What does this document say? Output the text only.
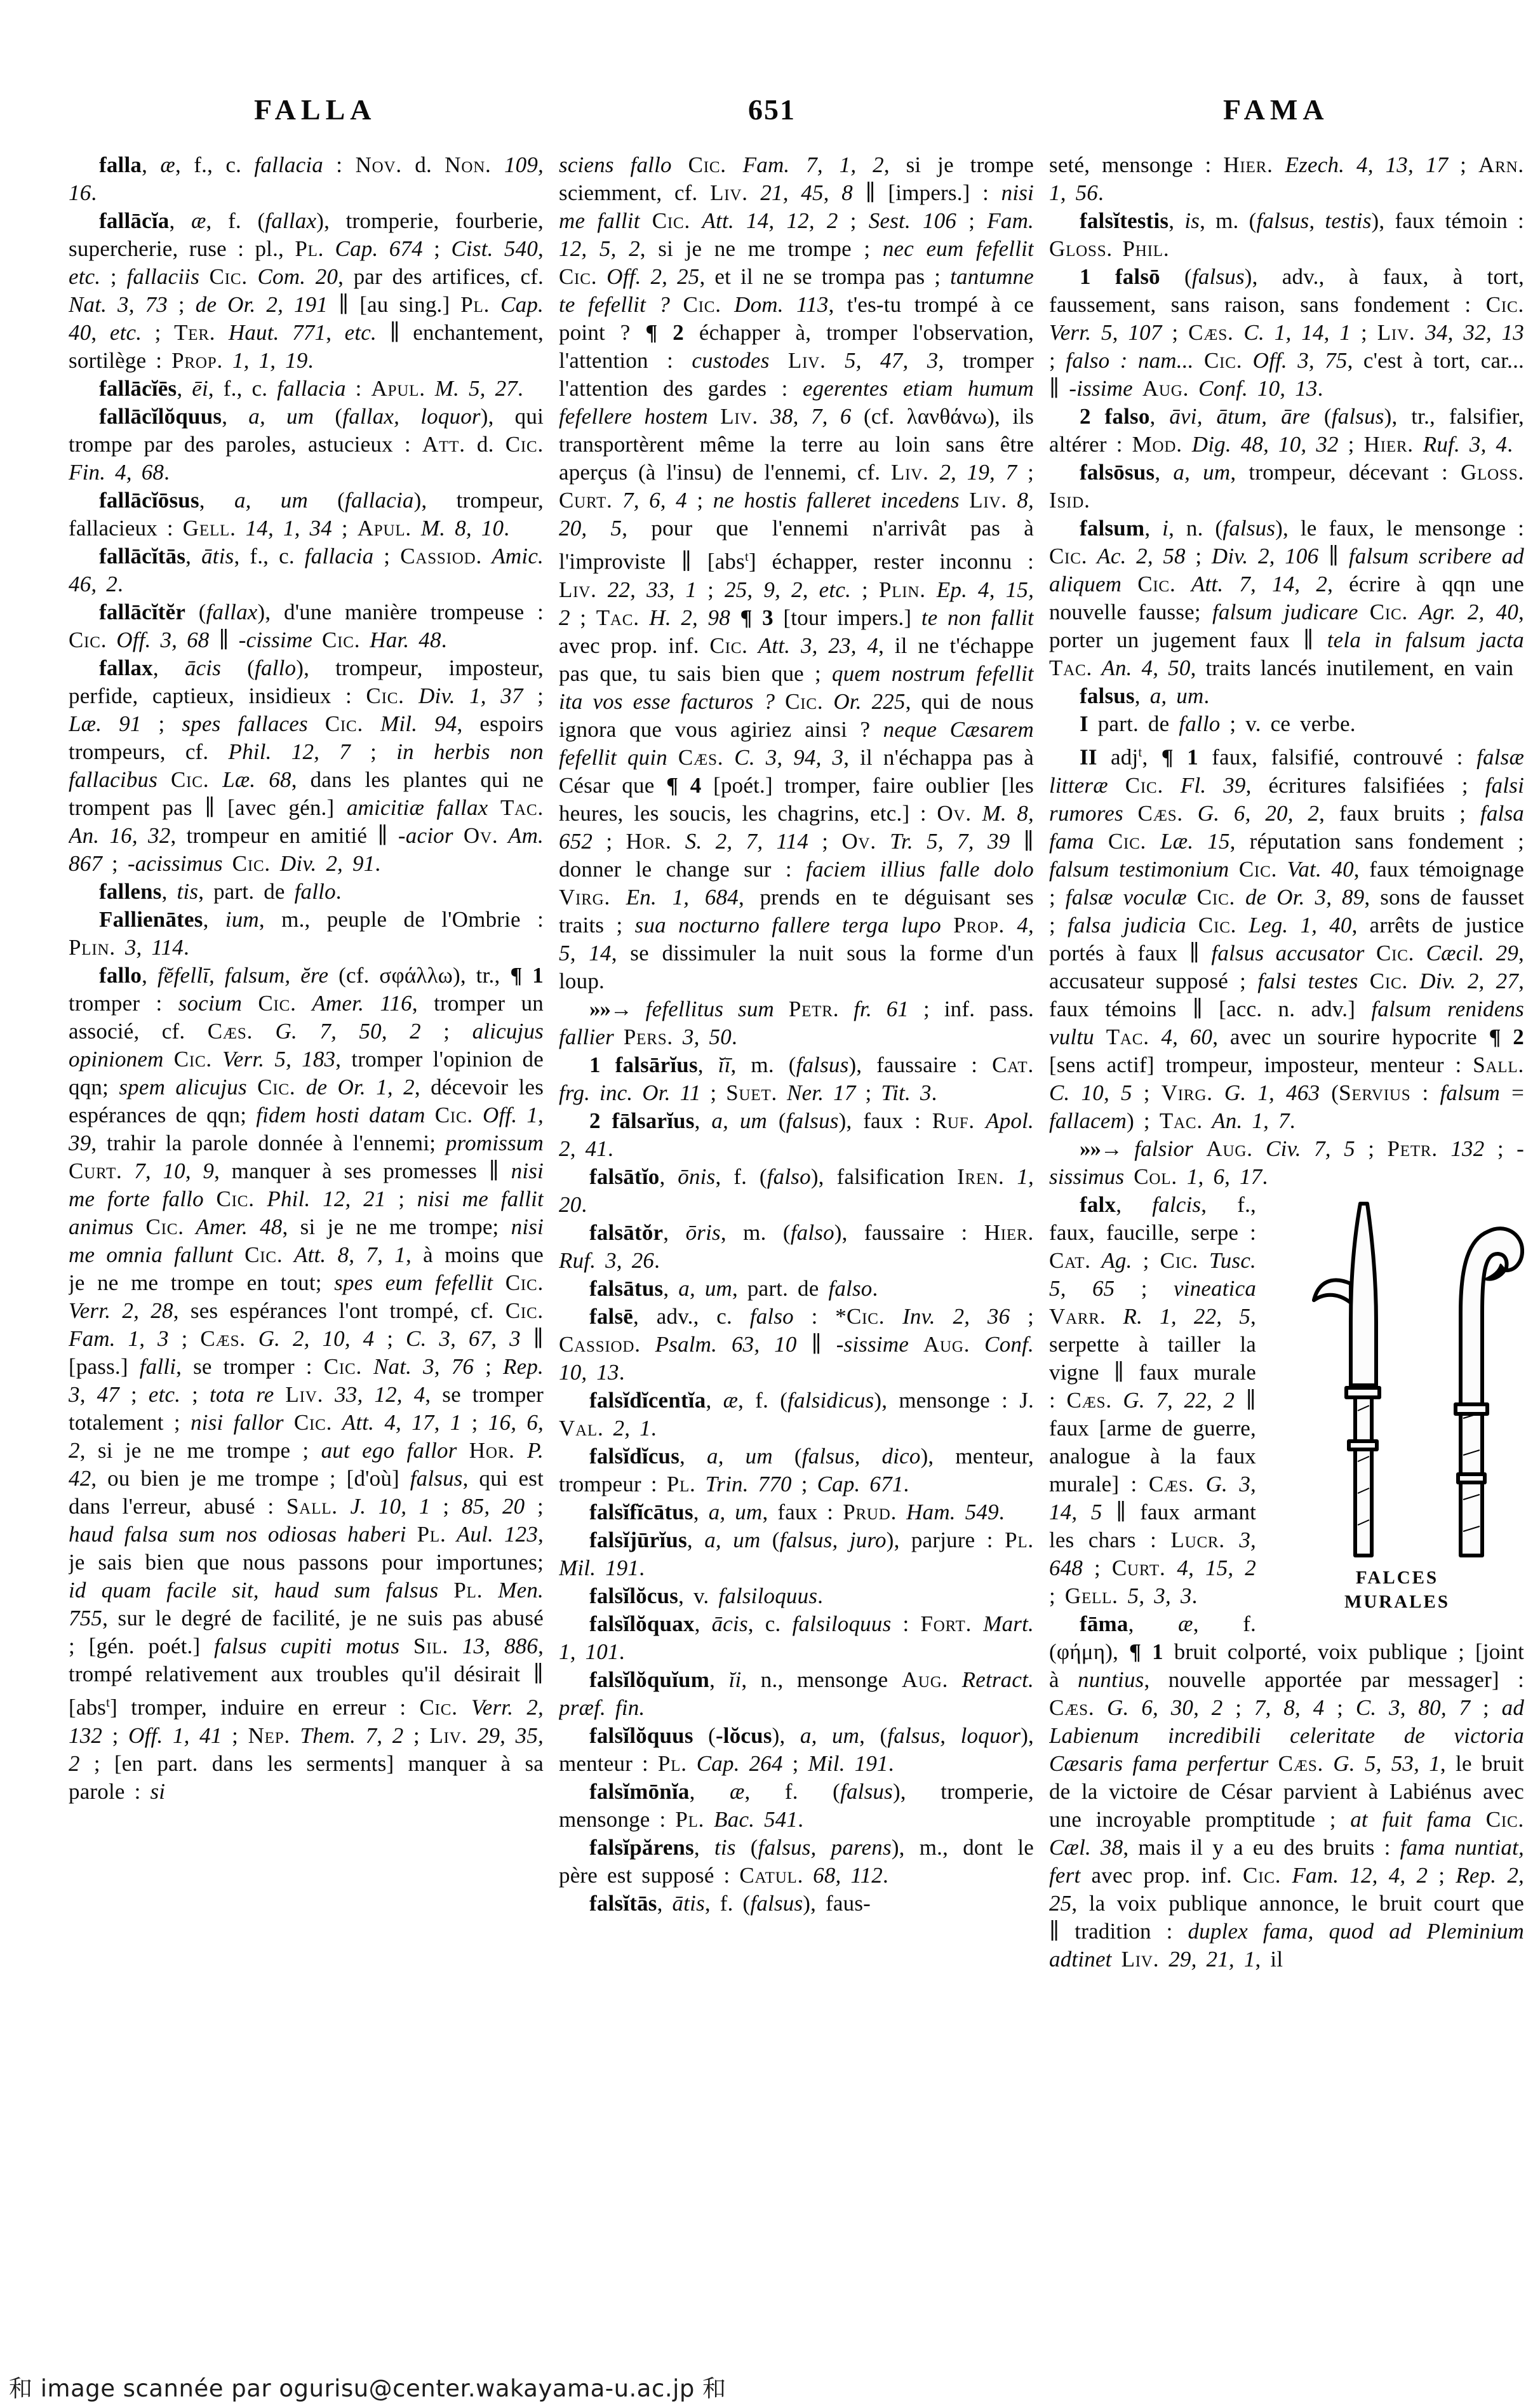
FALLA	651	FAMA

falla, æ, f., c. fallacia : Nov. d. Non. 109, 16.

fallācĭa, æ, f. (fallax), tromperie, fourberie, supercherie, ruse : pl., Pl. Cap. 674 ; Cist. 540, etc. ; fallaciis Cic. Com. 20, par des artifices, cf. Nat. 3, 73 ; de Or. 2, 191 ∥ [au sing.] Pl. Cap. 40, etc. ; Ter. Haut. 771, etc. ∥ enchantement, sortilège : Prop. 1, 1, 19.

fallācĭēs, ēi, f., c. fallacia : Apul. M. 5, 27.

fallācĭlŏquus, a, um (fallax, loquor), qui trompe par des paroles, astucieux : Att. d. Cic. Fin. 4, 68.

fallācĭōsus, a, um (fallacia), trompeur, fallacieux : Gell. 14, 1, 34 ; Apul. M. 8, 10.

fallācĭtās, ātis, f., c. fallacia ; Cassiod. Amic. 46, 2.

fallācĭtĕr (fallax), d'une manière trompeuse : Cic. Off. 3, 68 ∥ -cissime Cic. Har. 48.

fallax, ācis (fallo), trompeur, imposteur, perfide, captieux, insidieux : Cic. Div. 1, 37 ; Læ. 91 ; spes fallaces Cic. Mil. 94, espoirs trompeurs, cf. Phil. 12, 7 ; in herbis non fallacibus Cic. Læ. 68, dans les plantes qui ne trompent pas ∥ [avec gén.] amicitiæ fallax Tac. An. 16, 32, trompeur en amitié ∥ -acior Ov. Am. 867 ; -acissimus Cic. Div. 2, 91.

fallens, tis, part. de fallo.

Fallienātes, ium, m., peuple de l'Ombrie : Plin. 3, 114.

fallo, fĕfellī, falsum, ĕre (cf. σφάλλω), tr., ¶ 1 tromper : socium Cic. Amer. 116, tromper un associé, cf. Cæs. G. 7, 50, 2 ; alicujus opinionem Cic. Verr. 5, 183, tromper l'opinion de qqn; spem alicujus Cic. de Or. 1, 2, décevoir les espérances de qqn; fidem hosti datam Cic. Off. 1, 39, trahir la parole donnée à l'ennemi; promissum Curt. 7, 10, 9, manquer à ses promesses ∥ nisi me forte fallo Cic. Phil. 12, 21 ; nisi me fallit animus Cic. Amer. 48, si je ne me trompe; nisi me omnia fallunt Cic. Att. 8, 7, 1, à moins que je ne me trompe en tout; spes eum fefellit Cic. Verr. 2, 28, ses espérances l'ont trompé, cf. Cic. Fam. 1, 3 ; Cæs. G. 2, 10, 4 ; C. 3, 67, 3 ∥ [pass.] falli, se tromper : Cic. Nat. 3, 76 ; Rep. 3, 47 ; etc. ; tota re Liv. 33, 12, 4, se tromper totalement ; nisi fallor Cic. Att. 4, 17, 1 ; 16, 6, 2, si je ne me trompe ; aut ego fallor Hor. P. 42, ou bien je me trompe ; [d'où] falsus, qui est dans l'erreur, abusé : Sall. J. 10, 1 ; 85, 20 ; haud falsa sum nos odiosas haberi Pl. Aul. 123, je sais bien que nous passons pour importunes; id quam facile sit, haud sum falsus Pl. Men. 755, sur le degré de facilité, je ne suis pas abusé ; [gén. poét.] falsus cupiti motus Sil. 13, 886, trompé relativement aux troubles qu'il désirait ∥ [abs$^t$] tromper, induire en erreur : Cic. Verr. 2, 132 ; Off. 1, 41 ; Nep. Them. 7, 2 ; Liv. 29, 35, 2 ; [en part. dans les serments] manquer à sa parole : si

sciens fallo Cic. Fam. 7, 1, 2, si je trompe sciemment, cf. Liv. 21, 45, 8 ∥ [impers.] : nisi me fallit Cic. Att. 14, 12, 2 ; Sest. 106 ; Fam. 12, 5, 2, si je ne me trompe ; nec eum fefellit Cic. Off. 2, 25, et il ne se trompa pas ; tantumne te fefellit ? Cic. Dom. 113, t'es-tu trompé à ce point ? ¶ 2 échapper à, tromper l'observation, l'attention : custodes Liv. 5, 47, 3, tromper l'attention des gardes : egerentes etiam humum fefellere hostem Liv. 38, 7, 6 (cf. λανθάνω), ils transportèrent même la terre au loin sans être aperçus (à l'insu) de l'ennemi, cf. Liv. 2, 19, 7 ; Curt. 7, 6, 4 ; ne hostis falleret incedens Liv. 8, 20, 5, pour que l'ennemi n'arrivât pas à l'improviste ∥ [abs$^t$] échapper, rester inconnu : Liv. 22, 33, 1 ; 25, 9, 2, etc. ; Plin. Ep. 4, 15, 2 ; Tac. H. 2, 98 ¶ 3 [tour impers.] te non fallit avec prop. inf. Cic. Att. 3, 23, 4, il ne t'échappe pas que, tu sais bien que ; quem nostrum fefellit ita vos esse facturos ? Cic. Or. 225, qui de nous ignora que vous agiriez ainsi ? neque Cæsarem fefellit quin Cæs. C. 3, 94, 3, il n'échappa pas à César que ¶ 4 [poét.] tromper, faire oublier [les heures, les soucis, les chagrins, etc.] : Ov. M. 8, 652 ; Hor. S. 2, 7, 114 ; Ov. Tr. 5, 7, 39 ∥ donner le change sur : faciem illius falle dolo Virg. En. 1, 684, prends en te déguisant ses traits ; sua nocturno fallere terga lupo Prop. 4, 5, 14, se dissimuler la nuit sous la forme d'un loup.

»»→ fefellitus sum Petr. fr. 61 ; inf. pass. fallier Pers. 3, 50.

1 falsārĭus, ĭī, m. (falsus), faussaire : Cat. frg. inc. Or. 11 ; Suet. Ner. 17 ; Tit. 3.

2 fālsarĭus, a, um (falsus), faux : Ruf. Apol. 2, 41.

falsātĭo, ōnis, f. (falso), falsification Iren. 1, 20.

falsātŏr, ōris, m. (falso), faussaire : Hier. Ruf. 3, 26.

falsātus, a, um, part. de falso.

falsē, adv., c. falso : *Cic. Inv. 2, 36 ; Cassiod. Psalm. 63, 10 ∥ -sissime Aug. Conf. 10, 13.

falsĭdĭcentĭa, æ, f. (falsidicus), mensonge : J. Val. 2, 1.

falsĭdĭcus, a, um (falsus, dico), menteur, trompeur : Pl. Trin. 770 ; Cap. 671.

falsĭfĭcātus, a, um, faux : Prud. Ham. 549.

falsĭjūrĭus, a, um (falsus, juro), parjure : Pl. Mil. 191.

falsĭlŏcus, v. falsiloquus.

falsĭlŏquax, ācis, c. falsiloquus : Fort. Mart. 1, 101.

falsĭlŏquĭum, ĭi, n., mensonge Aug. Retract. præf. fin.

falsĭlŏquus (-lŏcus), a, um, (falsus, loquor), menteur : Pl. Cap. 264 ; Mil. 191.

falsĭmōnĭa, æ, f. (falsus), tromperie, mensonge : Pl. Bac. 541.

falsĭpărens, tis (falsus, parens), m., dont le père est supposé : Catul. 68, 112.

falsĭtās, ātis, f. (falsus), faus-

seté, mensonge : Hier. Ezech. 4, 13, 17 ; Arn. 1, 56.

falsĭtestis, is, m. (falsus, testis), faux témoin : Gloss. Phil.

1 falsō (falsus), adv., à faux, à tort, faussement, sans raison, sans fondement : Cic. Verr. 5, 107 ; Cæs. C. 1, 14, 1 ; Liv. 34, 32, 13 ; falso : nam... Cic. Off. 3, 75, c'est à tort, car... ∥ -issime Aug. Conf. 10, 13.

2 falso, āvi, ātum, āre (falsus), tr., falsifier, altérer : Mod. Dig. 48, 10, 32 ; Hier. Ruf. 3, 4.

falsōsus, a, um, trompeur, décevant : Gloss. Isid.

falsum, i, n. (falsus), le faux, le mensonge : Cic. Ac. 2, 58 ; Div. 2, 106 ∥ falsum scribere ad aliquem Cic. Att. 7, 14, 2, écrire à qqn une nouvelle fausse; falsum judicare Cic. Agr. 2, 40, porter un jugement faux ∥ tela in falsum jacta Tac. An. 4, 50, traits lancés inutilement, en vain

falsus, a, um.

I part. de fallo ; v. ce verbe.

II adj$^t$, ¶ 1 faux, falsifié, controuvé : falsæ litteræ Cic. Fl. 39, écritures falsifiées ; falsi rumores Cæs. G. 6, 20, 2, faux bruits ; falsa fama Cic. Læ. 15, réputation sans fondement ; falsum testimonium Cic. Vat. 40, faux témoignage ; falsæ voculæ Cic. de Or. 3, 89, sons de fausset ; falsa judicia Cic. Leg. 1, 40, arrêts de justice portés à faux ∥ falsus accusator Cic. Cæcil. 29, accusateur supposé ; falsi testes Cic. Div. 2, 27, faux témoins ∥ [acc. n. adv.] falsum renidens vultu Tac. 4, 60, avec un sourire hypocrite ¶ 2 [sens actif] trompeur, imposteur, menteur : Sall. C. 10, 5 ; Virg. G. 1, 463 (Servius : falsum = fallacem) ; Tac. An. 1, 7.

»»→ falsior Aug. Civ. 7, 5 ; Petr. 132 ; -sissimus Col. 1, 6, 17.

FALCES
MURALES

falx, falcis, f., faux, faucille, serpe : Cat. Ag. ; Cic. Tusc. 5, 65 ; vineatica Varr. R. 1, 22, 5, serpette à tailler la vigne ∥ faux murale : Cæs. G. 7, 22, 2 ∥ faux [arme de guerre, analogue à la faux murale] : Cæs. G. 3, 14, 5 ∥ faux armant les chars : Lucr. 3, 648 ; Curt. 4, 15, 2 ; Gell. 5, 3, 3.

fāma, æ, f. (φήμη), ¶ 1 bruit colporté, voix publique ; [joint à nuntius, nouvelle apportée par messager] : Cæs. G. 6, 30, 2 ; 7, 8, 4 ; C. 3, 80, 7 ; ad Labienum incredibili celeritate de victoria Cæsaris fama perfertur Cæs. G. 5, 53, 1, le bruit de la victoire de César parvient à Labiénus avec une incroyable promptitude ; at fuit fama Cic. Cæl. 38, mais il y a eu des bruits : fama nuntiat, fert avec prop. inf. Cic. Fam. 12, 4, 2 ; Rep. 2, 25, la voix publique annonce, le bruit court que ∥ tradition : duplex fama, quod ad Pleminium adtinet Liv. 29, 21, 1, il

和 image scannée par ogurisu@center.wakayama-u.ac.jp 和
